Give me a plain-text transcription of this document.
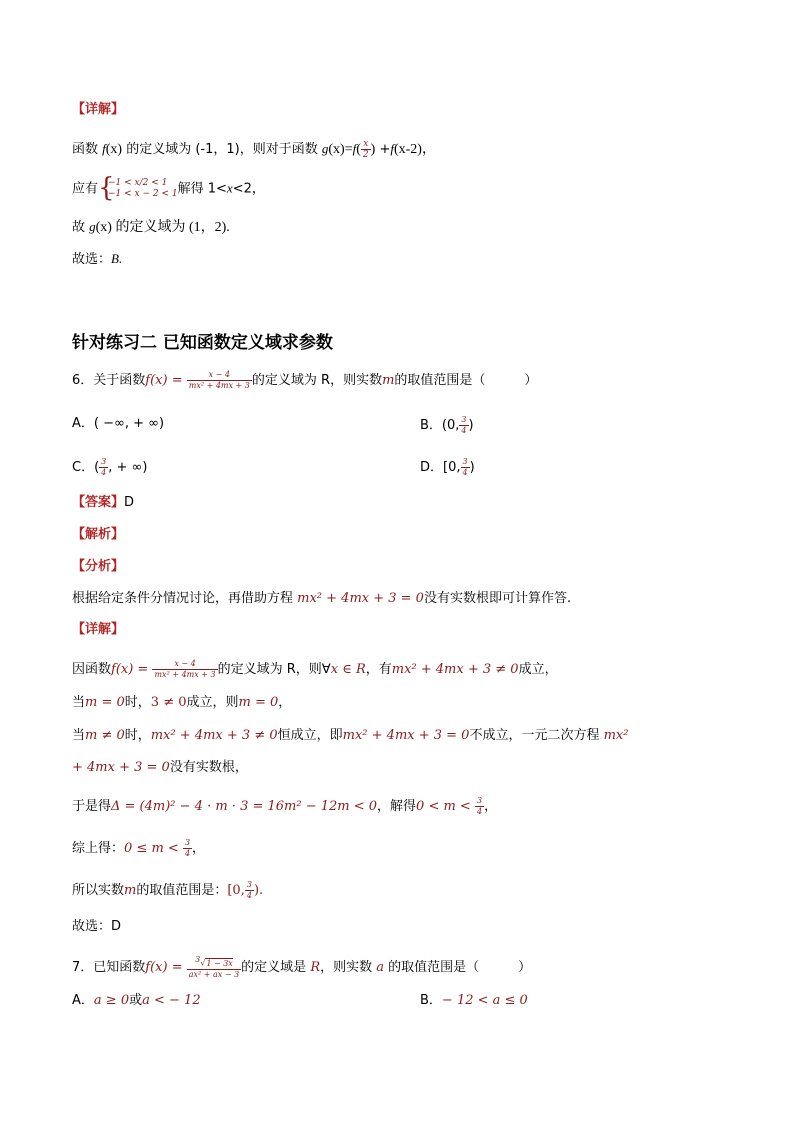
【详解】
函数 f(x) 的定义域为 (-1，1)，则对于函数 $g(x)=f( \frac{x}{2}$ ) +f(x-2)，
应有 {
−1 < x/2 < 1
−1 < x − 2 < 1 解得 1<x<2，
故 g(x) 的定义域为 (1，2).
故选：B.
针对练习二 已知函数定义域求参数
6．关于函数$f(x) = \frac{x - 4}{\text{mx² + 4mx + 3}}$ 的定义域为 R，则实数m的取值范围是（　　　）
A．( −∞, + ∞)	B．(0, $\frac{3}{4}$ )
C．( $\frac{3}{4}$ , + ∞)	D．[0, $\frac{3}{4}$ )
【答案】D
【解析】
【分析】
根据给定条件分情况讨论，再借助方程 mx² + 4mx + 3 = 0没有实数根即可计算作答.
【详解】
因函数$f(x) = \frac{x - 4}{\text{mx² + 4mx + 3}}$ 的定义域为 R，则∀x ∈ R，有mx² + 4mx + 3 ≠ 0成立，
当m = 0时，3 ≠ 0成立，则m = 0，
当m ≠ 0时，mx² + 4mx + 3 ≠ 0恒成立，即mx² + 4mx + 3 = 0不成立，一元二次方程 mx²
+ 4mx + 3 = 0没有实数根，
于是得Δ = (4m)² − 4 · m · 3 = 16m² − 12m < 0，解得$0 < m < \frac{3}{4}$ ，
综上得：$0 \le m < \frac{3}{4}$ ，
所以实数m的取值范围是：[0, $\frac{3}{4}$ ).
故选：D
7．已知函数$f(x) = \frac{^3√1 - 3x}{\text{ax² + ax − 3}}$ 的定义域是 R，则实数 a 的取值范围是（　　　）
A．a ≥ 0或a < − 12	B．− 12 < a ≤ 0
